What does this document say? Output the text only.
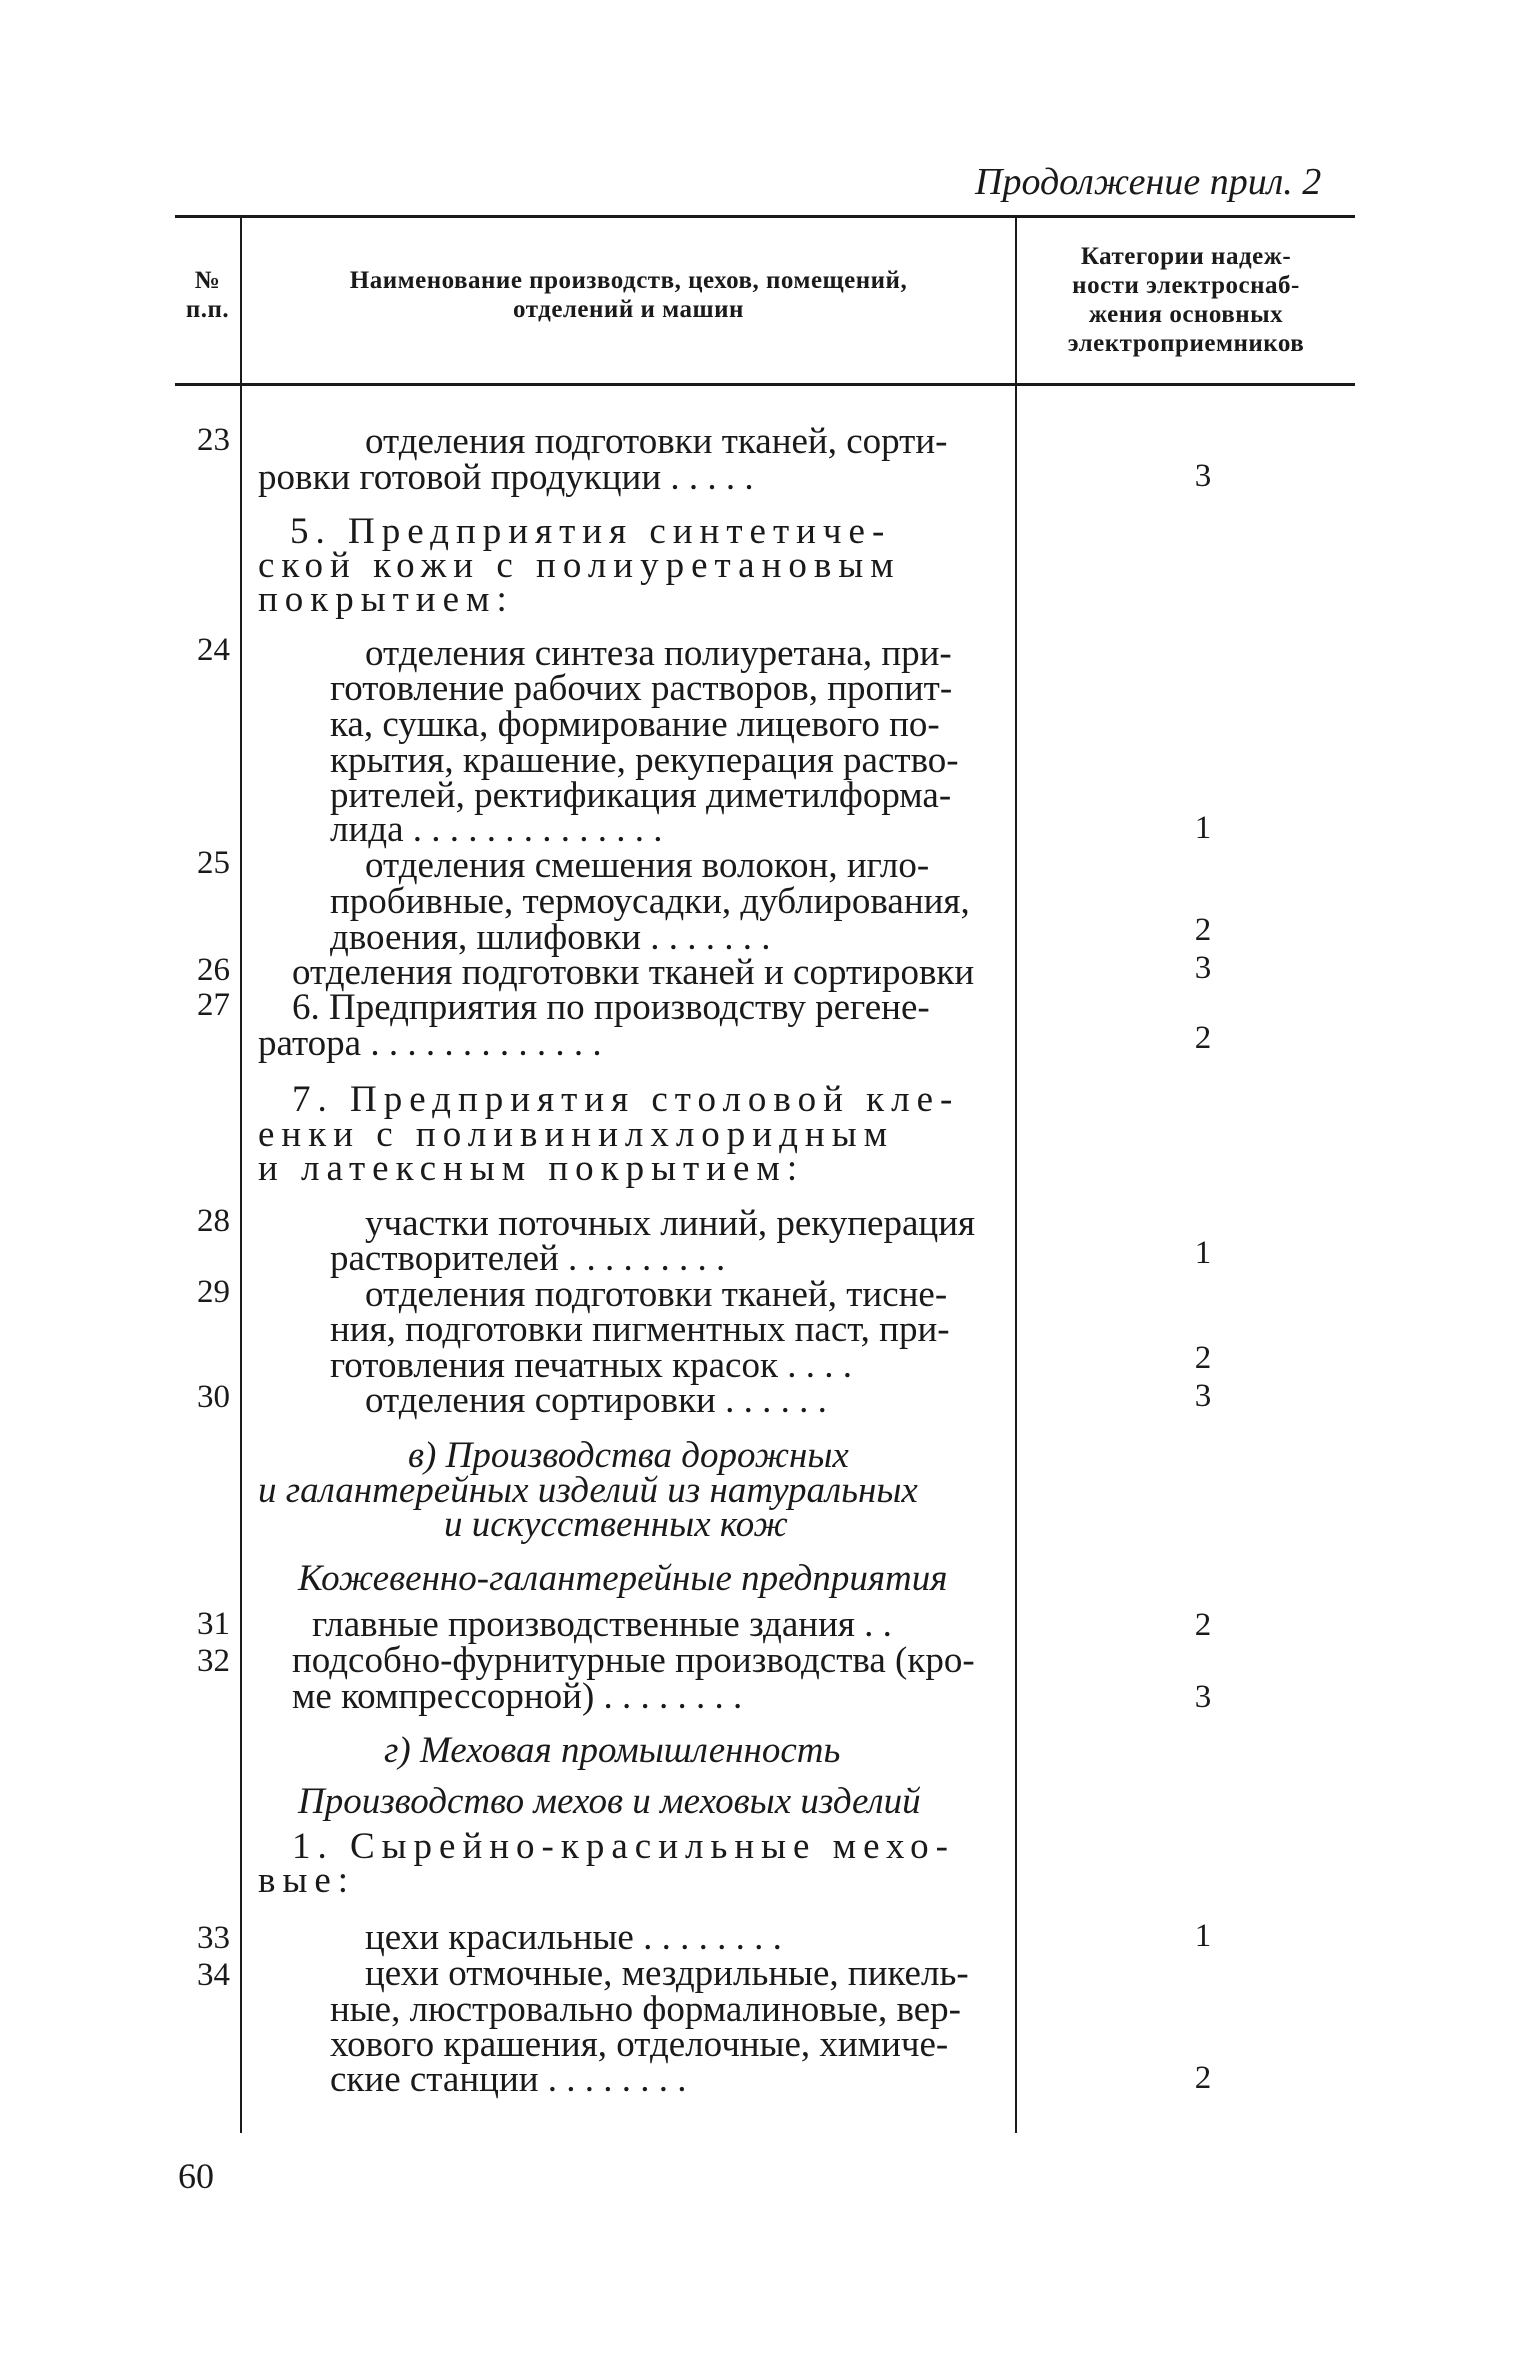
Продолжение прил. 2
№
п.п.
Наименование производств, цехов, помещений,
отделений и машин
Категории надеж-
ности электроснаб-
жения основных
электроприемников
23
24
25
26
27
28
29
30
31
32
33
34
отделения подготовки тканей, сорти-
ровки готовой продукции . . . . .
5. Предприятия синтетиче-
ской кожи с полиуретановым
покрытием:
отделения синтеза полиуретана, при-
готовление рабочих растворов, пропит-
ка, сушка, формирование лицевого по-
крытия, крашение, рекуперация раство-
рителей, ректификация диметилформа-
лида . . . . . . . . . . . . . .
отделения смешения волокон, игло-
пробивные, термоусадки, дублирования,
двоения, шлифовки . . . . . . .
отделения подготовки тканей и сортировки
6. Предприятия по производству регене-
ратора . . . . . . . . . . . . .
7. Предприятия столовой кле-
енки с поливинилхлоридным
и латексным покрытием:
участки поточных линий, рекуперация
растворителей . . . . . . . . .
отделения подготовки тканей, тисне-
ния, подготовки пигментных паст, при-
готовления печатных красок . . . .
отделения сортировки . . . . . .
в) Производства дорожных
и галантерейных изделий из натуральных
и искусственных кож
Кожевенно-галантерейные предприятия
главные производственные здания . .
подсобно-фурнитурные производства (кро-
ме компрессорной) . . . . . . . .
г) Меховая промышленность
Производство мехов и меховых изделий
1. Сырейно-красильные мехо-
вые:
цехи красильные . . . . . . . .
цехи отмочные, мездрильные, пикель-
ные, люстровально формалиновые, вер-
хового крашения, отделочные, химиче-
ские станции . . . . . . . .
3
1
2
3
2
1
2
3
2
3
1
2
60
